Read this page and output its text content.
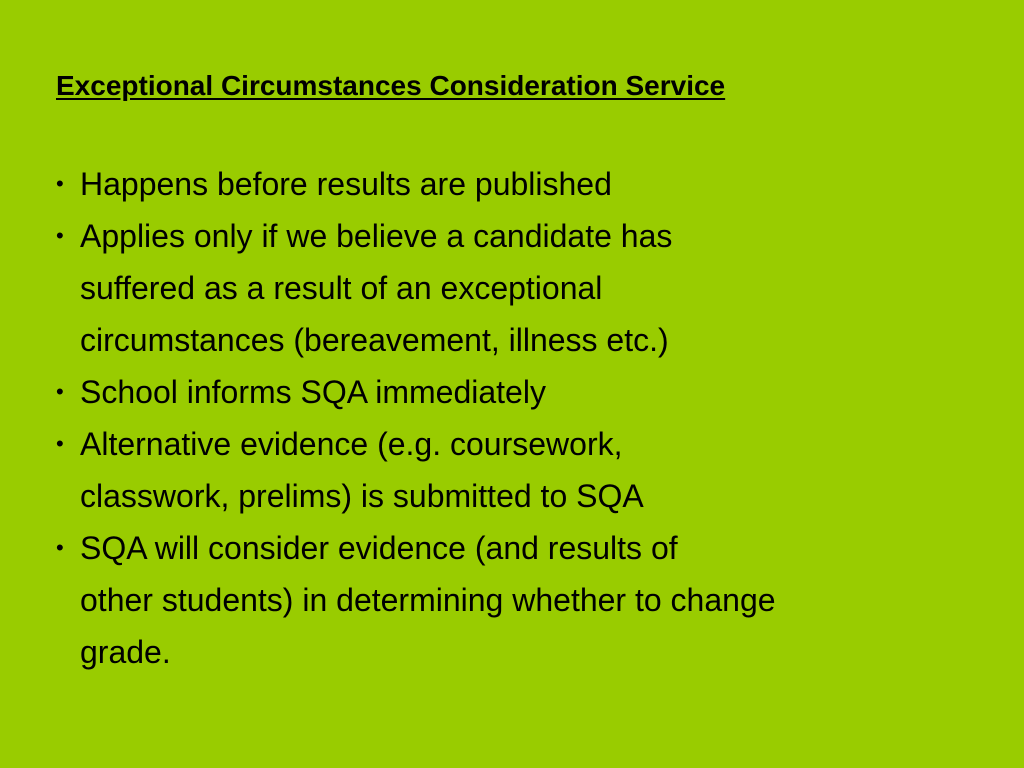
Exceptional Circumstances Consideration Service
• Happens before results are published
• Applies only if we believe a candidate has
suffered as a result of an exceptional
circumstances (bereavement, illness etc.)
• School informs SQA immediately
• Alternative evidence (e.g. coursework,
classwork, prelims) is submitted to SQA
• SQA will consider evidence (and results of
other students) in determining whether to change
grade.
